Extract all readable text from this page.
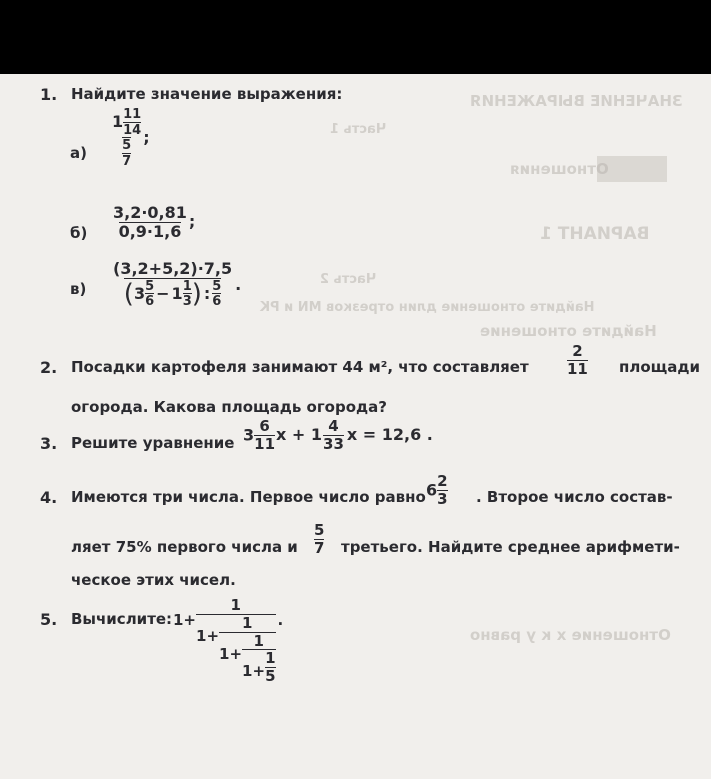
ЗНАЧЕНИЕ ВЫРАЖЕНИЯ
Часть 1
Отношения
ВАРИАНТ 1
Найдите отношение
Часть 2
Найдите отношение длин отрезков MN и PK
Отношение x к y равно
1. Найдите значение выражения:
$а) \frac{1 \frac{11}{14}}{\frac{5}{7}}$ ;
$б) \frac{3,2\cdot 0,81}{0,9\cdot 1,6}$ ;
$в) \frac{(3,2+5,2)\cdot 7,5}{(3 \frac{5}{6} - 1 \frac{1}{3} ) : \frac{5}{6}}$ .
2. Посадки картофеля занимают 44 м², что составляет	$\frac{2}{11}$ площади
огорода. Какова площадь огорода?
3. Решите уравнение $3 \frac{6}{11}$ $x + 1 \frac{4}{33}$ x = 12,6 .
4. Имеются три числа. Первое число равно $6 \frac{2}{3}$ . Второе число состав-
ляет 75% первого числа и $\frac{5}{7}$ третьего. Найдите среднее арифмети-
ческое этих чисел.
5. Вычислите: 1+
1
1+
1
$1+ \frac{1}{1+ \frac{1}{5}}$
.
